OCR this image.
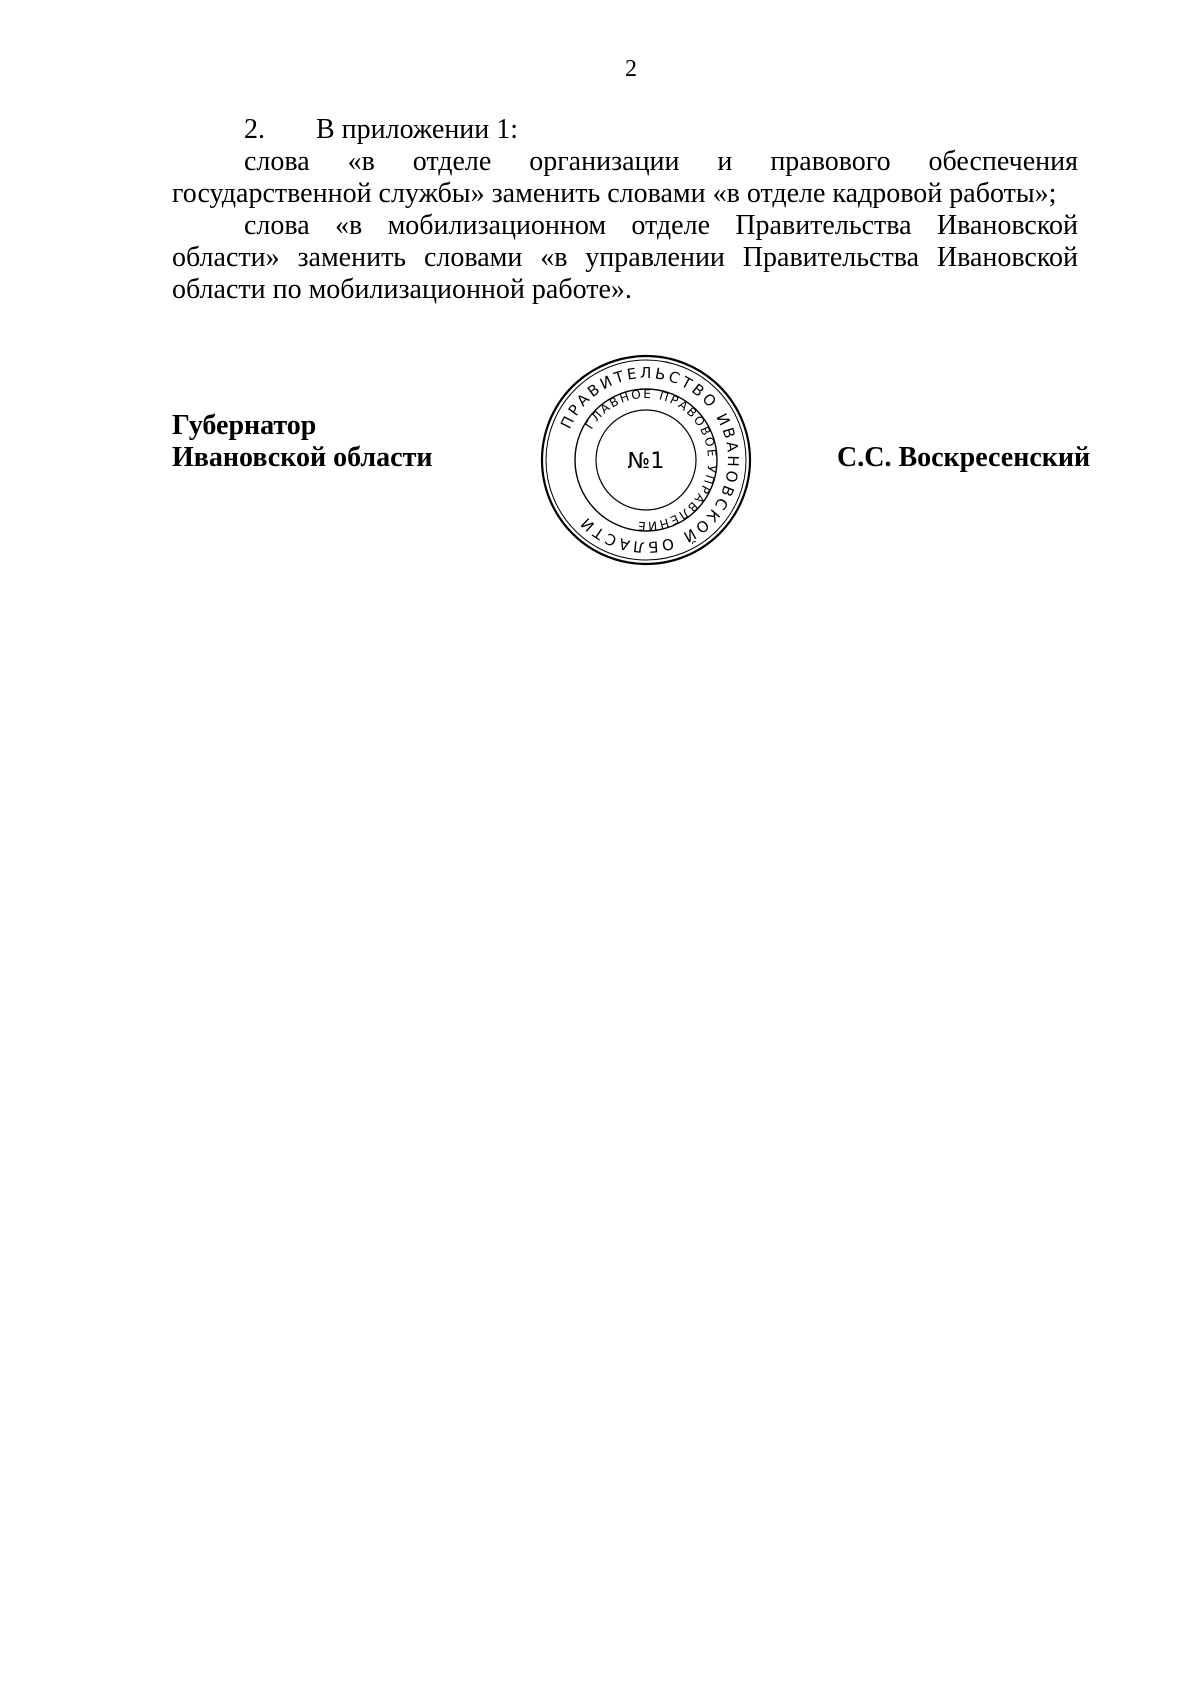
2
2. В приложении 1:

слова «в отделе организации и правового обеспечения государственной службы» заменить словами «в отделе кадровой работы»;

слова «в мобилизационном отделе Правительства Ивановской области» заменить словами «в управлении Правительства Ивановской области по мобилизационной работе».

Губернатор
Ивановской области	С.С. Воскресенский
ПРАВИТЕЛЬСТВО ИВАНОВСКОЙ ОБЛАСТИ
ГЛАВНОЕ ПРАВОВОЕ УПРАВЛЕНИЕ
№1
